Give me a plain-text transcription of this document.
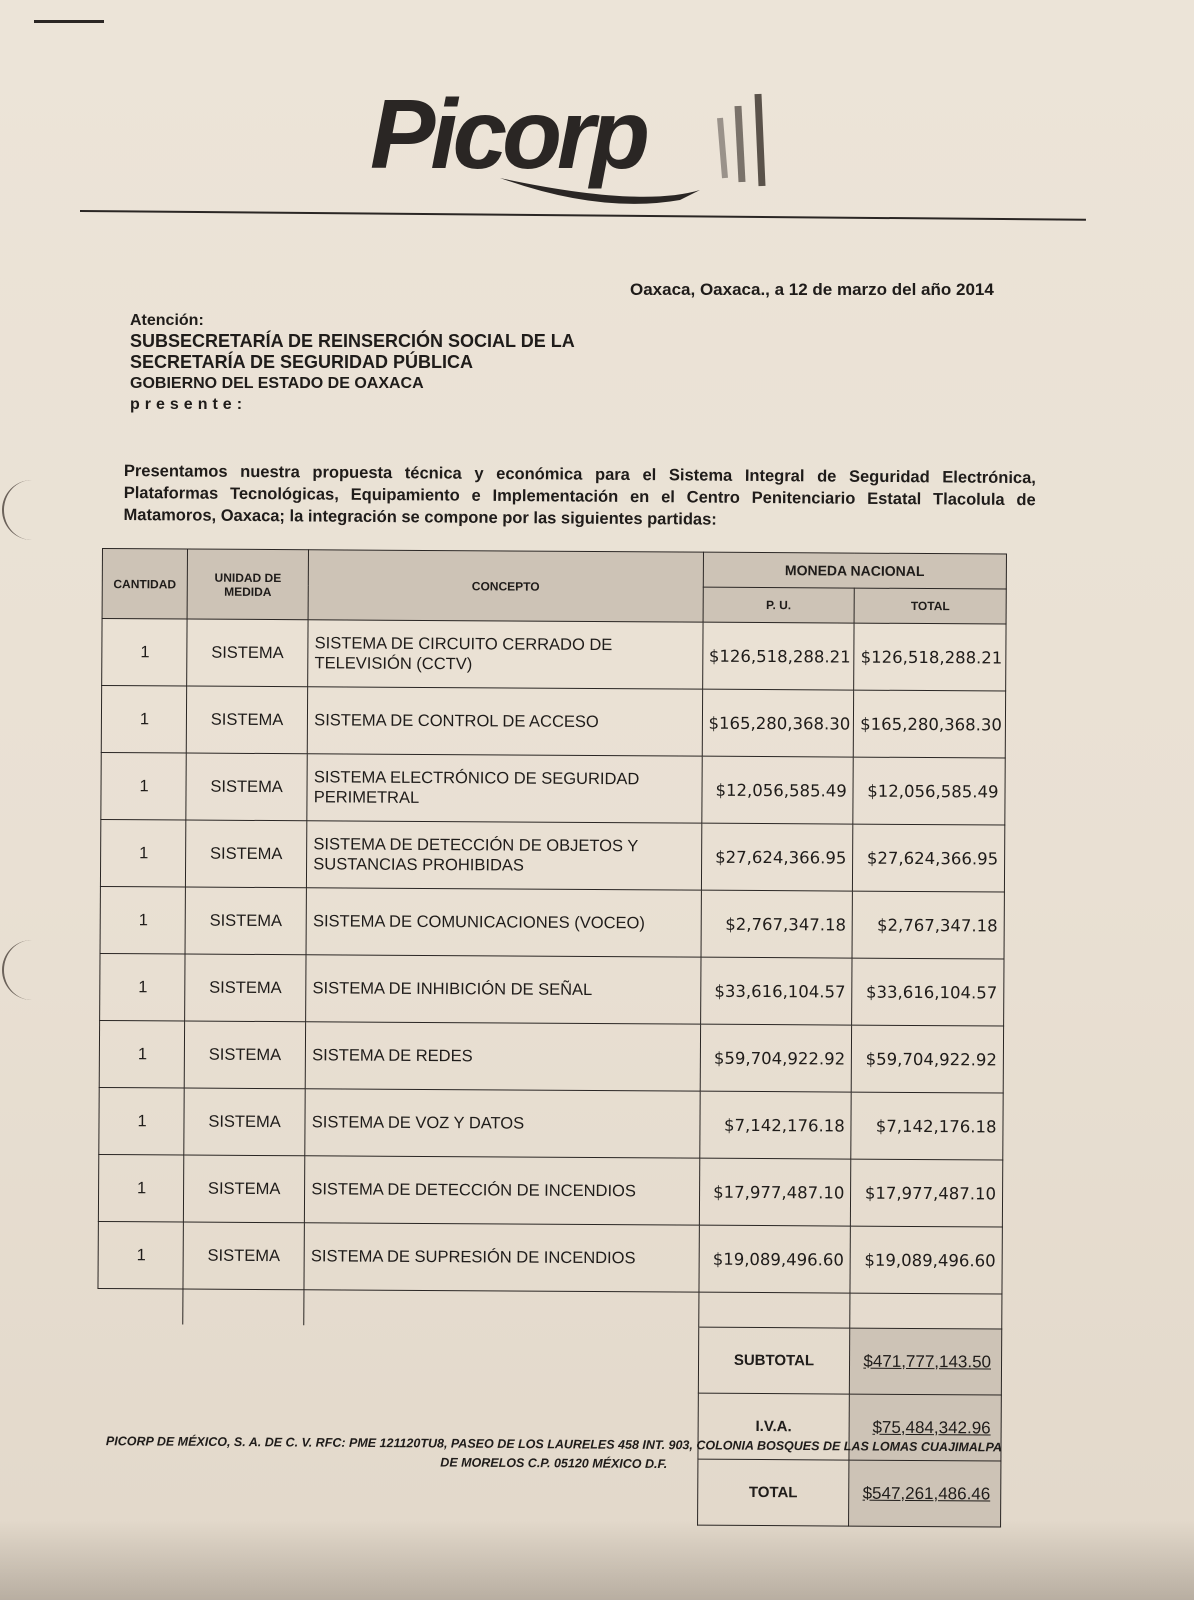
Picorp
Oaxaca, Oaxaca., a 12 de marzo del año 2014
Atención:
SUBSECRETARÍA DE REINSERCIÓN SOCIAL DE LA
SECRETARÍA DE SEGURIDAD PÚBLICA
GOBIERNO DEL ESTADO DE OAXACA
presente:
Presentamos nuestra propuesta técnica y económica para el Sistema Integral de Seguridad Electrónica, Plataformas Tecnológicas, Equipamiento e Implementación en el Centro Penitenciario Estatal Tlacolula de Matamoros, Oaxaca; la integración se compone por las siguientes partidas:
CANTIDAD	UNIDAD DE MEDIDA	CONCEPTO	MONEDA NACIONAL	
			P. U.	TOTAL
1	SISTEMA	SISTEMA DE CIRCUITO CERRADO DE TELEVISIÓN (CCTV)	$126,518,288.21	$126,518,288.21
1	SISTEMA	SISTEMA DE CONTROL DE ACCESO	$165,280,368.30	$165,280,368.30
1	SISTEMA	SISTEMA ELECTRÓNICO DE SEGURIDAD PERIMETRAL	$12,056,585.49	$12,056,585.49
1	SISTEMA	SISTEMA DE DETECCIÓN DE OBJETOS Y SUSTANCIAS PROHIBIDAS	$27,624,366.95	$27,624,366.95
1	SISTEMA	SISTEMA DE COMUNICACIONES (VOCEO)	$2,767,347.18	$2,767,347.18
1	SISTEMA	SISTEMA DE INHIBICIÓN DE SEÑAL	$33,616,104.57	$33,616,104.57
1	SISTEMA	SISTEMA DE REDES	$59,704,922.92	$59,704,922.92
1	SISTEMA	SISTEMA DE VOZ Y DATOS	$7,142,176.18	$7,142,176.18
1	SISTEMA	SISTEMA DE DETECCIÓN DE INCENDIOS	$17,977,487.10	$17,977,487.10
1	SISTEMA	SISTEMA DE SUPRESIÓN DE INCENDIOS	$19,089,496.60	$19,089,496.60

			SUBTOTAL	$471,777,143.50
			I.V.A.	$75,484,342.96
			TOTAL	$547,261,486.46
PICORP DE MÉXICO, S. A. DE C. V. RFC: PME 121120TU8, PASEO DE LOS LAURELES 458 INT. 903, COLONIA BOSQUES DE LAS LOMAS CUAJIMALPA
DE MORELOS C.P. 05120 MÉXICO D.F.
